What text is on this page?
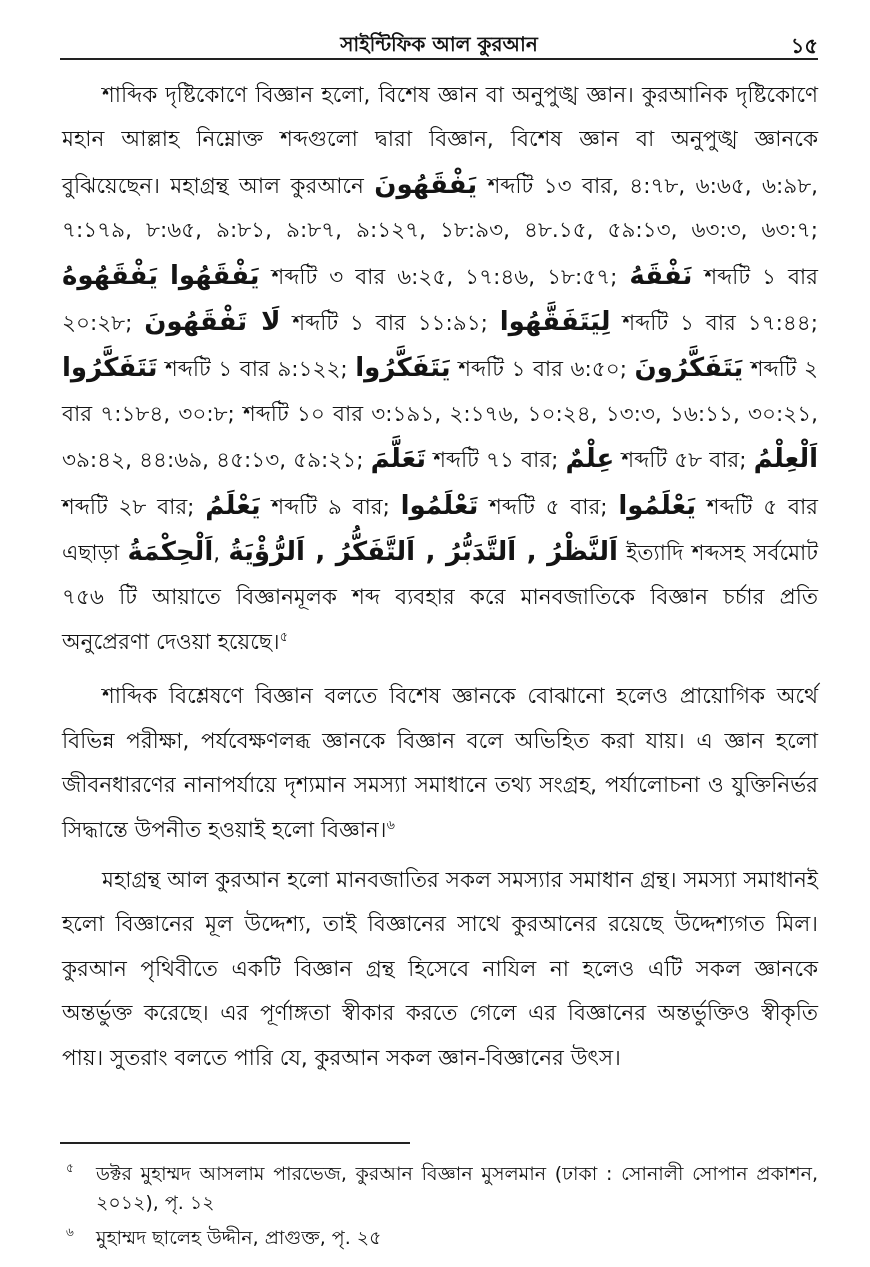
সাইন্টিফিক আল কুরআন	১৫

শাব্দিক দৃষ্টিকোণে বিজ্ঞান হলো, বিশেষ জ্ঞান বা অনুপুঙ্খ জ্ঞান। কুরআনিক দৃষ্টিকোণে মহান আল্লাহ নিম্নোক্ত শব্দগুলো দ্বারা বিজ্ঞান, বিশেষ জ্ঞান বা অনুপুঙ্খ জ্ঞানকে বুঝিয়েছেন। মহাগ্রন্থ আল কুরআনে يَفْقَهُونَ শব্দটি ১৩ বার, ৪:৭৮, ৬:৬৫, ৬:৯৮, ৭:১৭৯, ৮:৬৫, ৯:৮১, ৯:৮৭, ৯:১২৭, ১৮:৯৩, ৪৮.১৫, ৫৯:১৩, ৬৩:৩, ৬৩:৭; يَفْقَهُوهُ يَفْقَهُوا শব্দটি ৩ বার ৬:২৫, ১৭:৪৬, ১৮:৫৭; نَفْقَهُ শব্দটি ১ বার ২০:২৮; لَا تَفْقَهُونَ শব্দটি ১ বার ১১:৯১; لِيَتَفَقَّهُوا শব্দটি ১ বার ১৭:৪৪; تَتَفَكَّرُوا শব্দটি ১ বার ৯:১২২; يَتَفَكَّرُوا শব্দটি ১ বার ৬:৫০; يَتَفَكَّرُونَ শব্দটি ২ বার ৭:১৮৪, ৩০:৮; শব্দটি ১০ বার ৩:১৯১, ২:১৭৬, ১০:২৪, ১৩:৩, ১৬:১১, ৩০:২১, ৩৯:৪২, ৪৪:৬৯, ৪৫:১৩, ৫৯:২১; تَعَلَّمَ শব্দটি ৭১ বার; عِلْمٌ শব্দটি ৫৮ বার; اَلْعِلْمُ শব্দটি ২৮ বার; يَعْلَمُ শব্দটি ৯ বার; تَعْلَمُوا শব্দটি ৫ বার; يَعْلَمُوا শব্দটি ৫ বার এছাড়া اَلْحِكْمَةُ, اَلنَّظْرُ , اَلتَّدَبُّرُ , اَلتَّفَكُّرُ , اَلرُّؤْيَةُ ইত্যাদি শব্দসহ সর্বমোট ৭৫৬ টি আয়াতে বিজ্ঞানমূলক শব্দ ব্যবহার করে মানবজাতিকে বিজ্ঞান চর্চার প্রতি অনুপ্রেরণা দেওয়া হয়েছে।$^৫$

শাব্দিক বিশ্লেষণে বিজ্ঞান বলতে বিশেষ জ্ঞানকে বোঝানো হলেও প্রায়োগিক অর্থে বিভিন্ন পরীক্ষা, পর্যবেক্ষণলব্ধ জ্ঞানকে বিজ্ঞান বলে অভিহিত করা যায়। এ জ্ঞান হলো জীবনধারণের নানাপর্যায়ে দৃশ্যমান সমস্যা সমাধানে তথ্য সংগ্রহ, পর্যালোচনা ও যুক্তিনির্ভর সিদ্ধান্তে উপনীত হওয়াই হলো বিজ্ঞান।$^৬$

মহাগ্রন্থ আল কুরআন হলো মানবজাতির সকল সমস্যার সমাধান গ্রন্থ। সমস্যা সমাধানই হলো বিজ্ঞানের মূল উদ্দেশ্য, তাই বিজ্ঞানের সাথে কুরআনের রয়েছে উদ্দেশ্যগত মিল। কুরআন পৃথিবীতে একটি বিজ্ঞান গ্রন্থ হিসেবে নাযিল না হলেও এটি সকল জ্ঞানকে অন্তর্ভুক্ত করেছে। এর পূর্ণাঙ্গতা স্বীকার করতে গেলে এর বিজ্ঞানের অন্তর্ভুক্তিও স্বীকৃতি পায়। সুতরাং বলতে পারি যে, কুরআন সকল জ্ঞান-বিজ্ঞানের উৎস।

৫ ডক্টর মুহাম্মদ আসলাম পারভেজ, কুরআন বিজ্ঞান মুসলমান (ঢাকা : সোনালী সোপান প্রকাশন, ২০১২), পৃ. ১২
৬ মুহাম্মদ ছালেহ উদ্দীন, প্রাগুক্ত, পৃ. ২৫
